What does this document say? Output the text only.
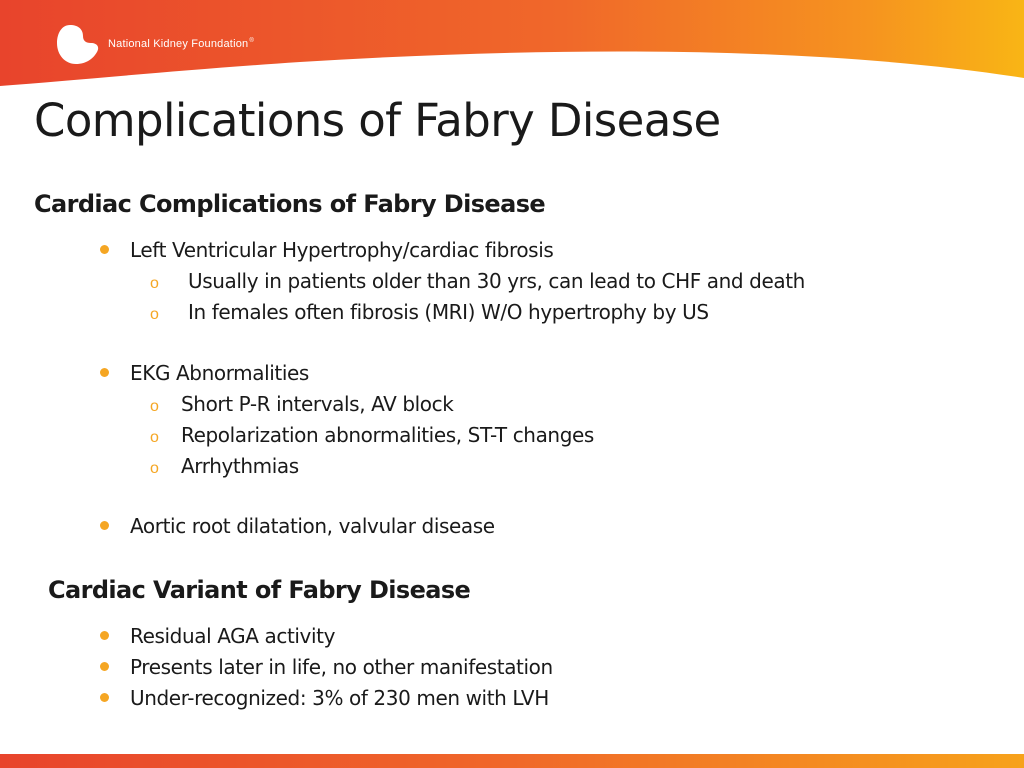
National Kidney Foundation®
Complications of Fabry Disease
Cardiac Complications of Fabry Disease
Left Ventricular Hypertrophy/cardiac fibrosis
o Usually in patients older than 30 yrs, can lead to CHF and death
o In females often fibrosis (MRI) W/O hypertrophy by US
EKG Abnormalities
o Short P-R intervals, AV block
o Repolarization abnormalities, ST-T changes
o Arrhythmias
Aortic root dilatation, valvular disease
Cardiac Variant of Fabry Disease
Residual AGA activity
Presents later in life, no other manifestation
Under-recognized: 3% of 230 men with LVH
